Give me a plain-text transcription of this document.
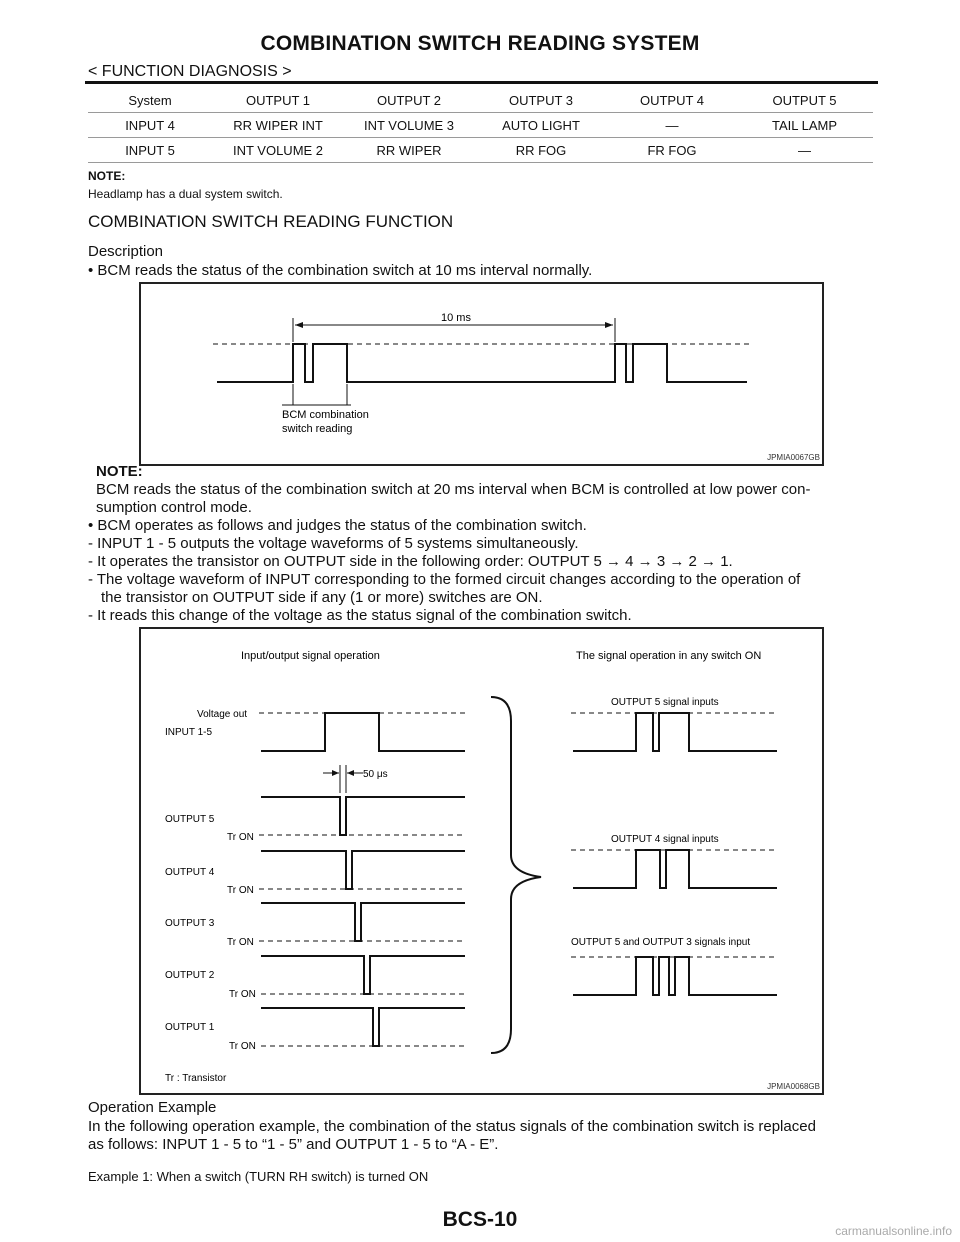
COMBINATION SWITCH READING SYSTEM
< FUNCTION DIAGNOSIS >
System	OUTPUT 1	OUTPUT 2	OUTPUT 3	OUTPUT 4	OUTPUT 5
INPUT 4	RR WIPER INT	INT VOLUME 3	AUTO LIGHT	—	TAIL LAMP
INPUT 5	INT VOLUME 2	RR WIPER	RR FOG	FR FOG	—
NOTE:
Headlamp has a dual system switch.
COMBINATION SWITCH READING FUNCTION
Description
• BCM reads the status of the combination switch at 10 ms interval normally.
10 ms
BCM combination
switch reading
JPMIA0067GB
NOTE:
BCM reads the status of the combination switch at 20 ms interval when BCM is controlled at low power con-
sumption control mode.
• BCM operates as follows and judges the status of the combination switch.
- INPUT 1 - 5 outputs the voltage waveforms of 5 systems simultaneously.
- It operates the transistor on OUTPUT side in the following order: OUTPUT 5 → 4 → 3 → 2 → 1.
- The voltage waveform of INPUT corresponding to the formed circuit changes according to the operation of
the transistor on OUTPUT side if any (1 or more) switches are ON.
- It reads this change of the voltage as the status signal of the combination switch.
Input/output signal operation	The signal operation in any switch ON
Voltage out
INPUT 1-5
50 μs
OUTPUT 5
Tr ON
OUTPUT 4
Tr ON
OUTPUT 3
Tr ON
OUTPUT 2
Tr ON
OUTPUT 1
Tr ON
OUTPUT 5 signal inputs
OUTPUT 4 signal inputs
OUTPUT 5 and OUTPUT 3 signals input
Tr : Transistor
JPMIA0068GB
Operation Example
In the following operation example, the combination of the status signals of the combination switch is replaced
as follows: INPUT 1 - 5 to “1 - 5” and OUTPUT 1 - 5 to “A - E”.
Example 1: When a switch (TURN RH switch) is turned ON
BCS-10	carmanualsonline.info
